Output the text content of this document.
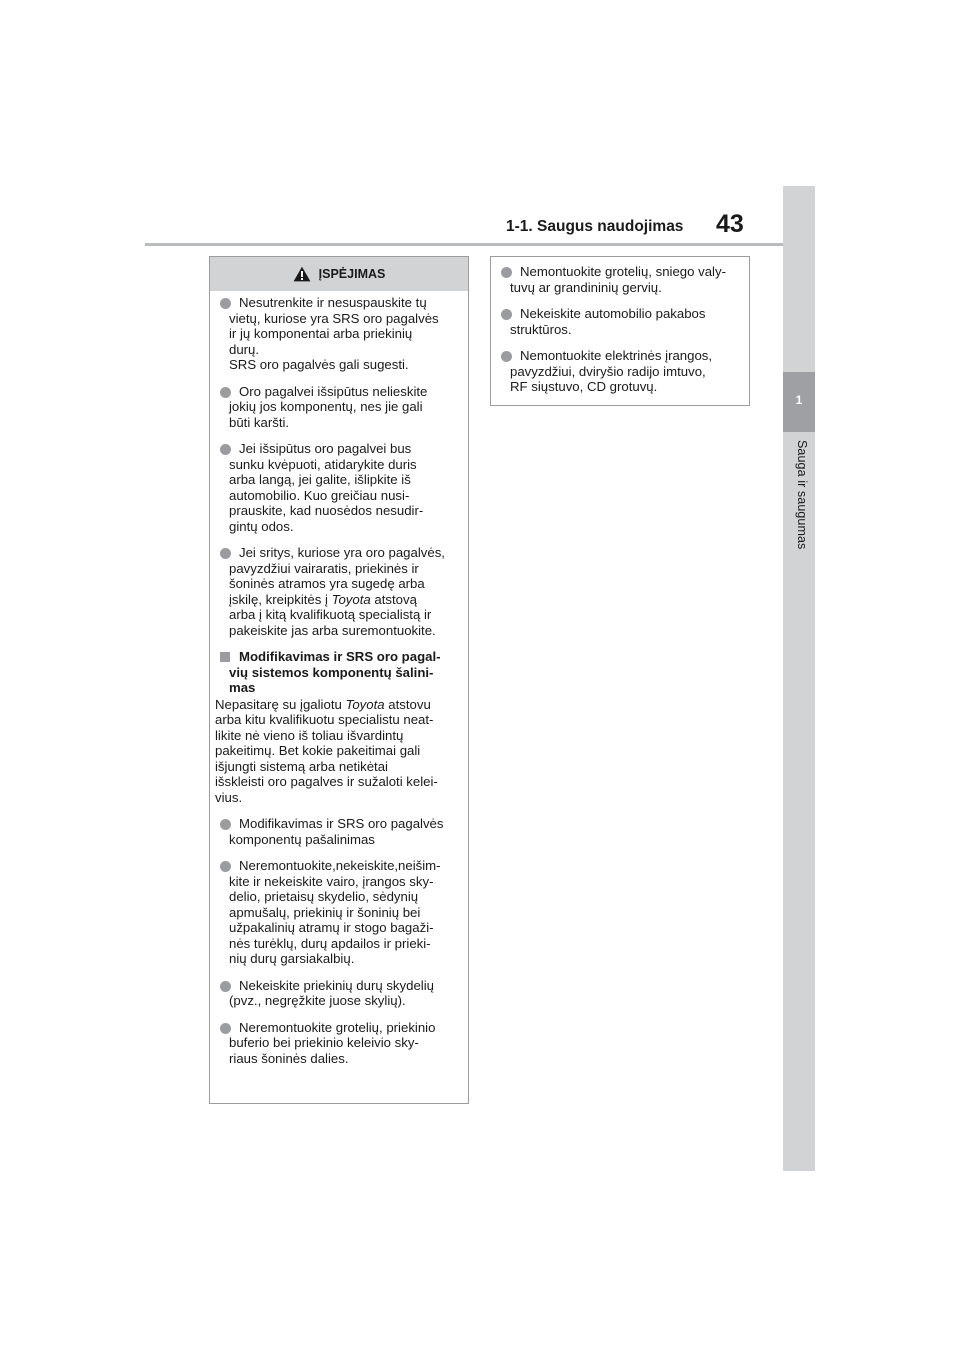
1-1. Saugus naudojimas 43
1
Sauga ir saugumas
ĮSPĖJIMAS
Nesutrenkite ir nesuspauskite tų
vietų, kuriose yra SRS oro pagalvės
ir jų komponentai arba priekinių
durų.
SRS oro pagalvės gali sugesti.
Oro pagalvei išsipūtus nelieskite
jokių jos komponentų, nes jie gali
būti karšti.
Jei išsipūtus oro pagalvei bus
sunku kvėpuoti, atidarykite duris
arba langą, jei galite, išlipkite iš
automobilio. Kuo greičiau nusi-
prauskite, kad nuosėdos nesudir-
gintų odos.
Jei sritys, kuriose yra oro pagalvės,
pavyzdžiui vairaratis, priekinės ir
šoninės atramos yra sugedę arba
įskilę, kreipkitės į Toyota atstovą
arba į kitą kvalifikuotą specialistą ir
pakeiskite jas arba suremontuokite.
Modifikavimas ir SRS oro pagal-
vių sistemos komponentų šalini-
mas
Nepasitarę su įgaliotu Toyota atstovu
arba kitu kvalifikuotu specialistu neat-
likite nė vieno iš toliau išvardintų
pakeitimų. Bet kokie pakeitimai gali
išjungti sistemą arba netikėtai
išskleisti oro pagalves ir sužaloti kelei-
vius.
Modifikavimas ir SRS oro pagalvės
komponentų pašalinimas
Neremontuokite,nekeiskite,neišim-
kite ir nekeiskite vairo, įrangos sky-
delio, prietaisų skydelio, sėdynių
apmušalų, priekinių ir šoninių bei
užpakalinių atramų ir stogo bagaži-
nės turėklų, durų apdailos ir prieki-
nių durų garsiakalbių.
Nekeiskite priekinių durų skydelių
(pvz., negręžkite juose skylių).
Neremontuokite grotelių, priekinio
buferio bei priekinio keleivio sky-
riaus šoninės dalies.
Nemontuokite grotelių, sniego valy-
tuvų ar grandininių gervių.
Nekeiskite automobilio pakabos
struktūros.
Nemontuokite elektrinės įrangos,
pavyzdžiui, dviryšio radijo imtuvo,
RF siųstuvo, CD grotuvų.
